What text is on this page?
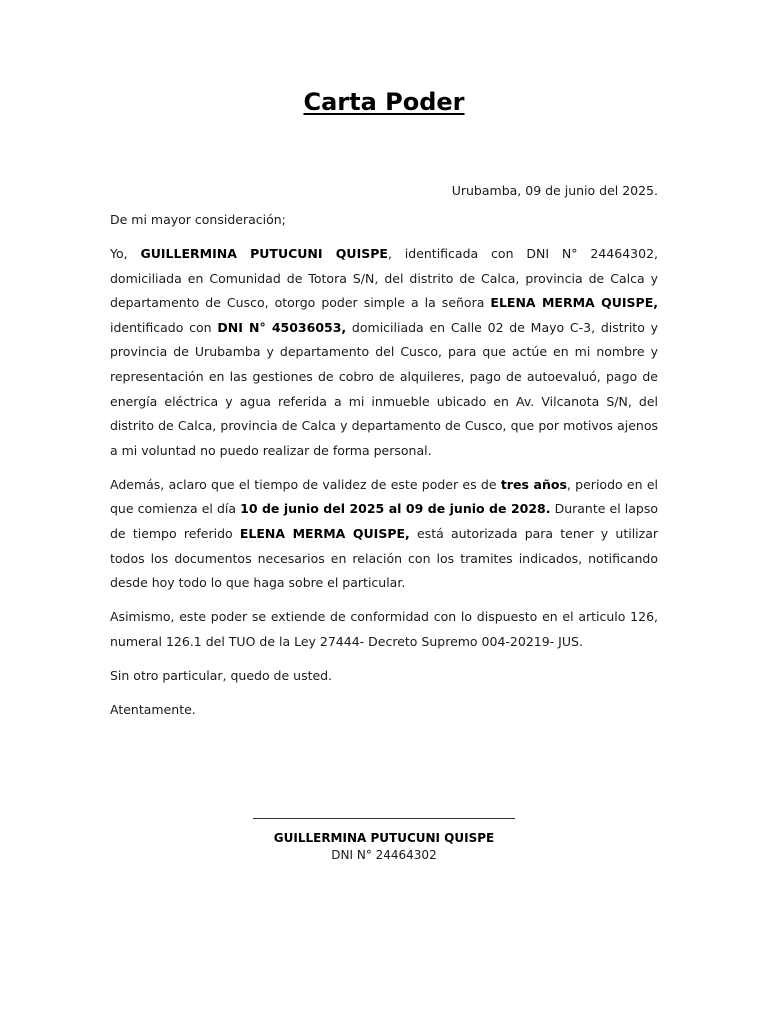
Carta Poder
Urubamba, 09 de junio del 2025.

De mi mayor consideración;

Yo, GUILLERMINA PUTUCUNI QUISPE, identificada con DNI N° 24464302, domiciliada en Comunidad de Totora S/N, del distrito de Calca, provincia de Calca y departamento de Cusco, otorgo poder simple a la señora ELENA MERMA QUISPE, identificado con DNI N° 45036053, domiciliada en Calle 02 de Mayo C-3, distrito y provincia de Urubamba y departamento del Cusco, para que actúe en mi nombre y representación en las gestiones de cobro de alquileres, pago de autoevaluó, pago de energía eléctrica y agua referida a mi inmueble ubicado en Av. Vilcanota S/N, del distrito de Calca, provincia de Calca y departamento de Cusco, que por motivos ajenos a mi voluntad no puedo realizar de forma personal.

Además, aclaro que el tiempo de validez de este poder es de tres años, periodo en el que comienza el día 10 de junio del 2025 al 09 de junio de 2028. Durante el lapso de tiempo referido ELENA MERMA QUISPE, está autorizada para tener y utilizar todos los documentos necesarios en relación con los tramites indicados, notificando desde hoy todo lo que haga sobre el particular.

Asimismo, este poder se extiende de conformidad con lo dispuesto en el articulo 126, numeral 126.1 del TUO de la Ley 27444- Decreto Supremo 004-20219- JUS.

Sin otro particular, quedo de usted.

Atentamente.

GUILLERMINA PUTUCUNI QUISPE
DNI N° 24464302
